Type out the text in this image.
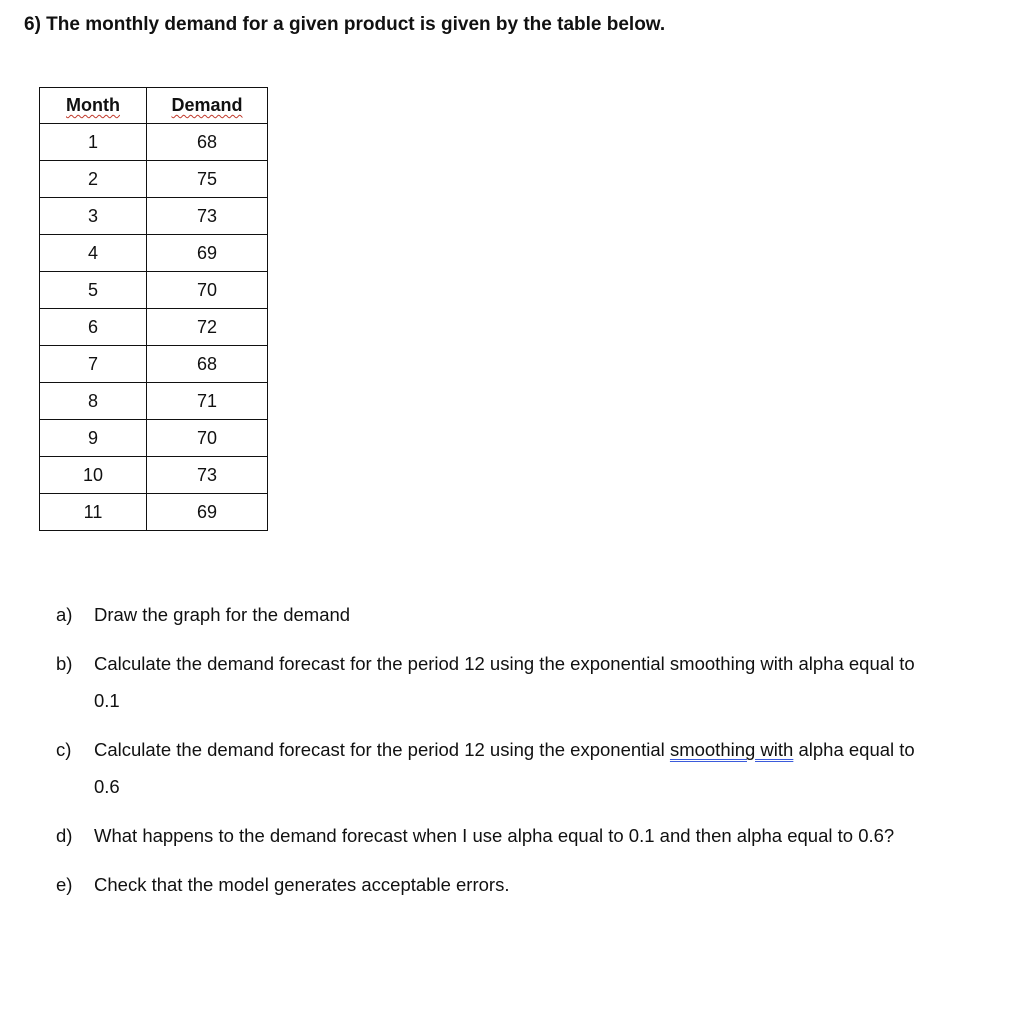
6) The monthly demand for a given product is given by the table below.
Month	Demand
1	68
2	75
3	73
4	69
5	70
6	72
7	68
8	71
9	70
10	73
11	69
a) Draw the graph for the demand
b) Calculate the demand forecast for the period 12 using the exponential smoothing with alpha equal to 0.1
c) Calculate the demand forecast for the period 12 using the exponential smoothing with alpha equal to 0.6
d) What happens to the demand forecast when I use alpha equal to 0.1 and then alpha equal to 0.6?
e) Check that the model generates acceptable errors.
